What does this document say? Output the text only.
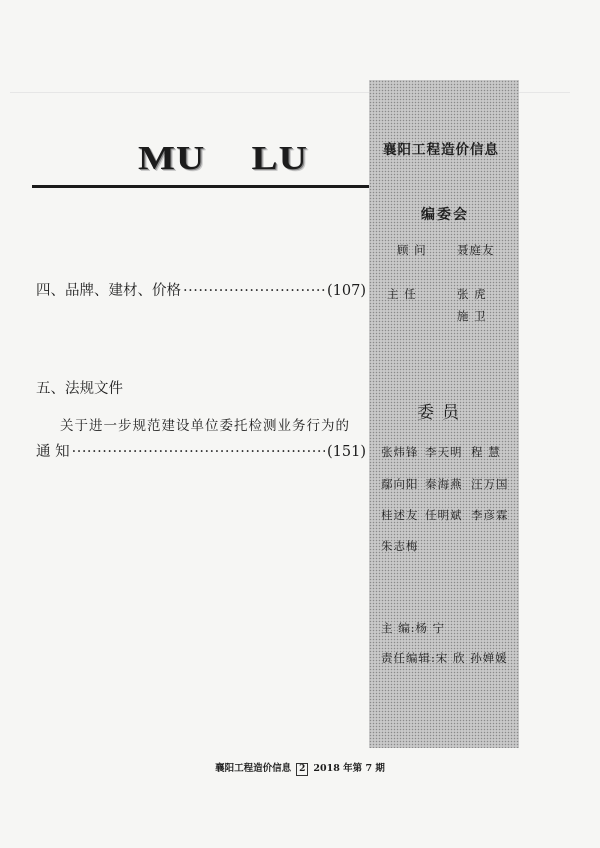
MU LU
四、品牌、建材、价格 ·····	(107)
五、法规文件
关于进一步规范建设单位委托检测业务行为的
通 知 ·····	(151)
襄阳工程造价信息
编委会
顾 问	聂庭友
主 任	张 虎
施 卫
委员
张炜锋 李天明 程 慧
鄢向阳 秦海燕 汪万国
桂述友 任明斌 李彦霖
朱志梅
主 编:杨 宁
责任编辑:宋 欣 孙婵媛
襄阳工程造价信息 2 2018 年第 7 期
